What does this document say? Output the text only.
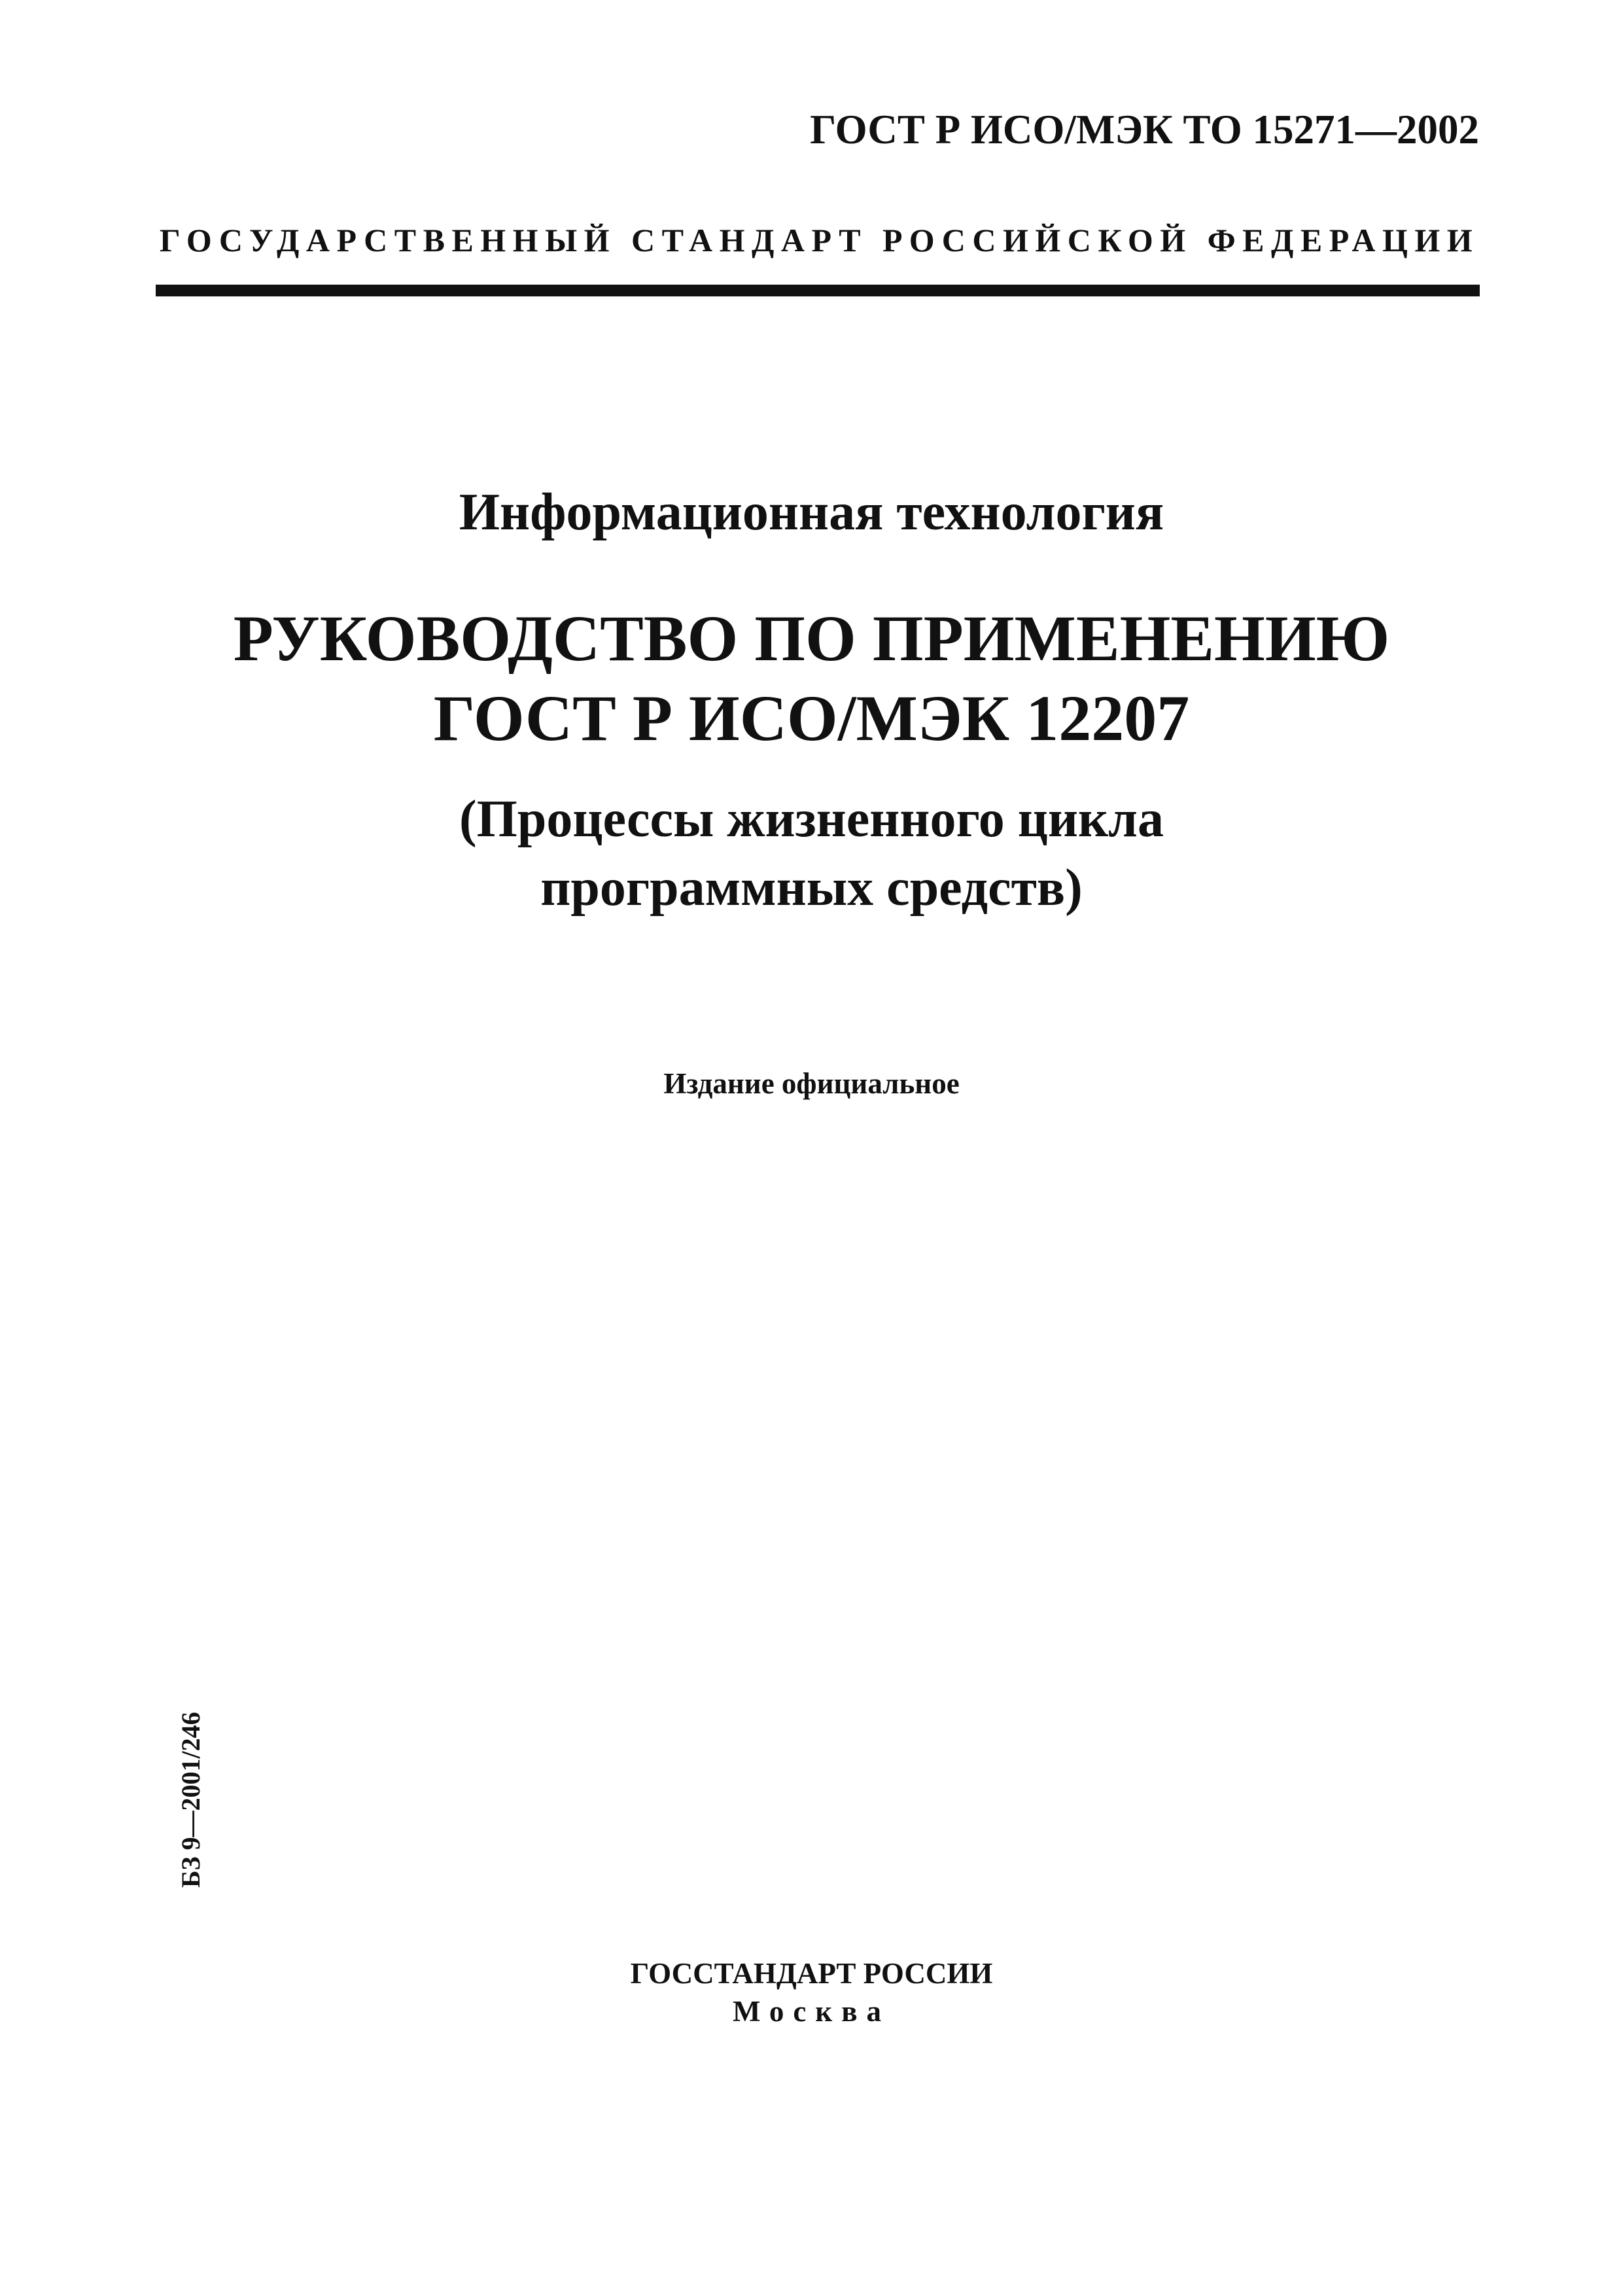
ГОСТ Р ИСО/МЭК ТО 15271—2002
ГОСУДАРСТВЕННЫЙ СТАНДАРТ РОССИЙСКОЙ ФЕДЕРАЦИИ
Информационная технология
РУКОВОДСТВО ПО ПРИМЕНЕНИЮ
ГОСТ Р ИСО/МЭК 12207
(Процессы жизненного цикла
программных средств)
Издание официальное
БЗ 9—2001/246
ГОССТАНДАРТ РОССИИ
Москва
